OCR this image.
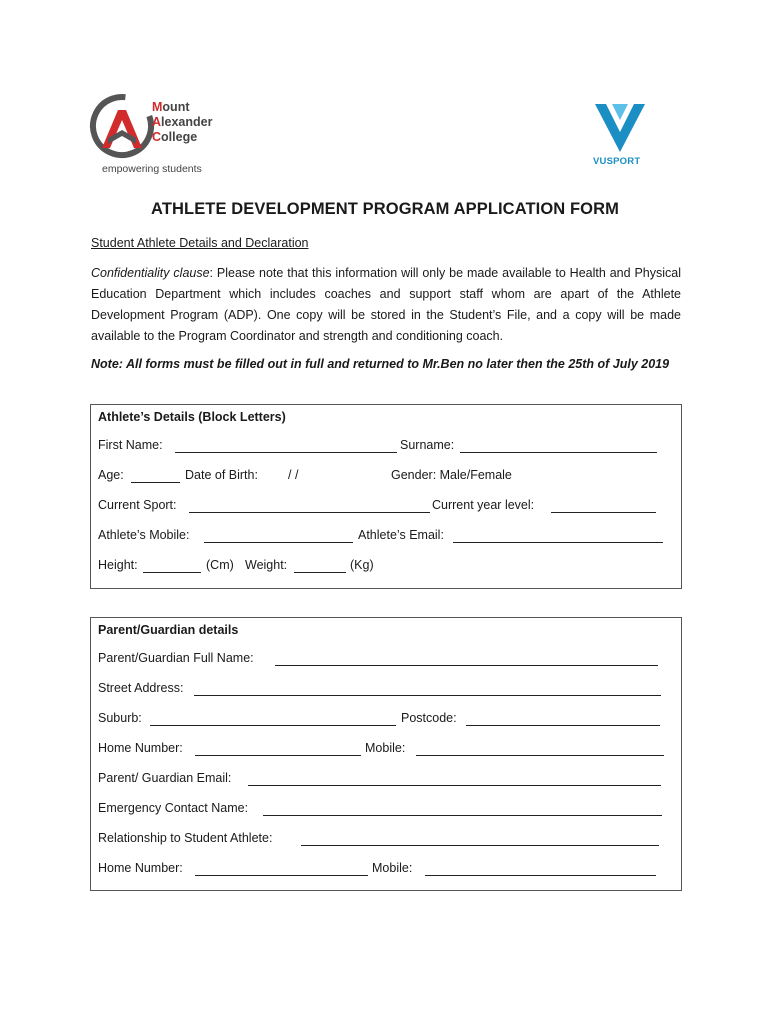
Mount
Alexander
College
empowering students
VUSPORT
ATHLETE DEVELOPMENT PROGRAM APPLICATION FORM
Student Athlete Details and Declaration
Confidentiality clause: Please note that this information will only be made available to Health and Physical Education Department which includes coaches and support staff whom are apart of the Athlete Development Program (ADP). One copy will be stored in the Student’s File, and a copy will be made available to the Program Coordinator and strength and conditioning coach.
Note: All forms must be filled out in full and returned to Mr.Ben no later then the 25th of July 2019
Athlete’s Details (Block Letters)
First Name:	Surname:
Age:	Date of Birth: / /	Gender: Male/Female
Current Sport:	Current year level:
Athlete’s Mobile:	Athlete’s Email:
Height:	(Cm) Weight:	(Kg)
Parent/Guardian details
Parent/Guardian Full Name:
Street Address:
Suburb:	Postcode:
Home Number:	Mobile:
Parent/ Guardian Email:
Emergency Contact Name:
Relationship to Student Athlete:
Home Number:	Mobile:
